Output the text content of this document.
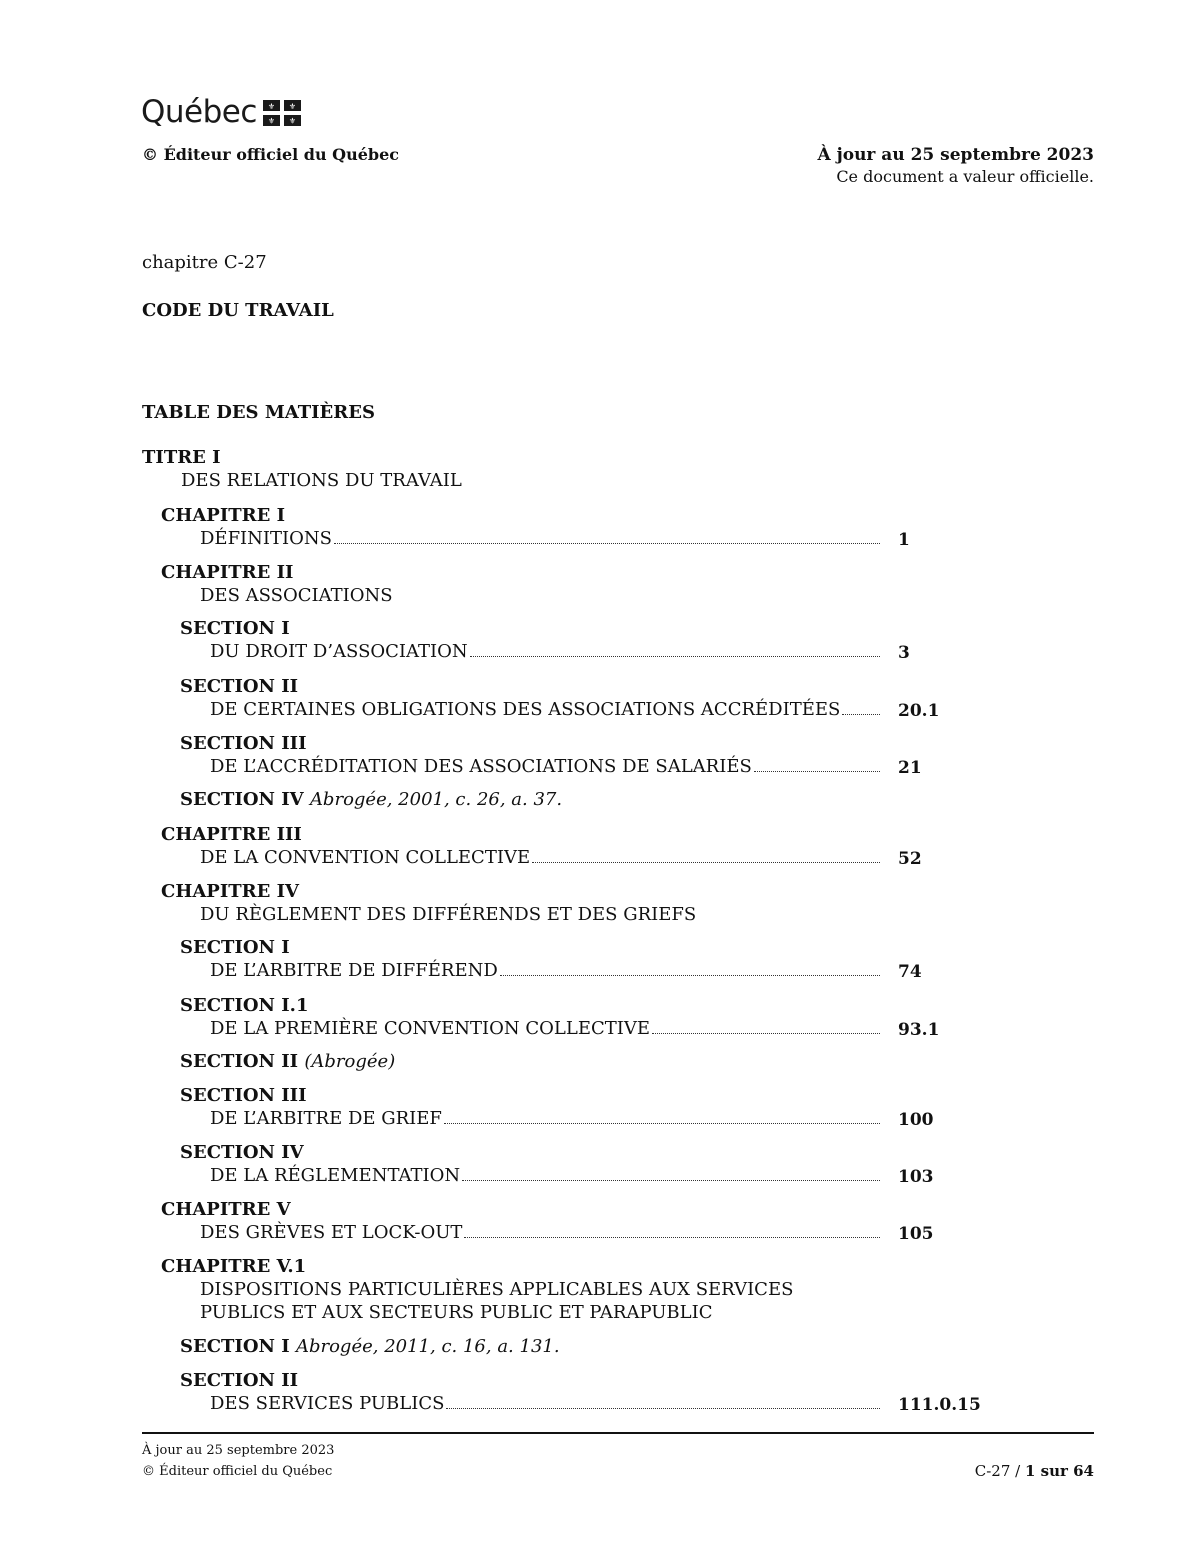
Québec ⚜ ⚜
⚜ ⚜
© Éditeur officiel du Québec	À jour au 25 septembre 2023
Ce document a valeur officielle.
chapitre C-27
CODE DU TRAVAIL
TABLE DES MATIÈRES
TITRE I
DES RELATIONS DU TRAVAIL
CHAPITRE I
DÉFINITIONS	1
CHAPITRE II
DES ASSOCIATIONS
SECTION I
DU DROIT D’ASSOCIATION	3
SECTION II
DE CERTAINES OBLIGATIONS DES ASSOCIATIONS ACCRÉDITÉES	20.1
SECTION III
DE L’ACCRÉDITATION DES ASSOCIATIONS DE SALARIÉS	21
SECTION IV Abrogée, 2001, c. 26, a. 37.
CHAPITRE III
DE LA CONVENTION COLLECTIVE	52
CHAPITRE IV
DU RÈGLEMENT DES DIFFÉRENDS ET DES GRIEFS
SECTION I
DE L’ARBITRE DE DIFFÉREND	74
SECTION I.1
DE LA PREMIÈRE CONVENTION COLLECTIVE	93.1
SECTION II (Abrogée)
SECTION III
DE L’ARBITRE DE GRIEF	100
SECTION IV
DE LA RÉGLEMENTATION	103
CHAPITRE V
DES GRÈVES ET LOCK-OUT	105
CHAPITRE V.1
DISPOSITIONS PARTICULIÈRES APPLICABLES AUX SERVICES
PUBLICS ET AUX SECTEURS PUBLIC ET PARAPUBLIC
SECTION I Abrogée, 2011, c. 16, a. 131.
SECTION II
DES SERVICES PUBLICS	111.0.15
À jour au 25 septembre 2023
© Éditeur officiel du Québec	C-27 / 1 sur 64
